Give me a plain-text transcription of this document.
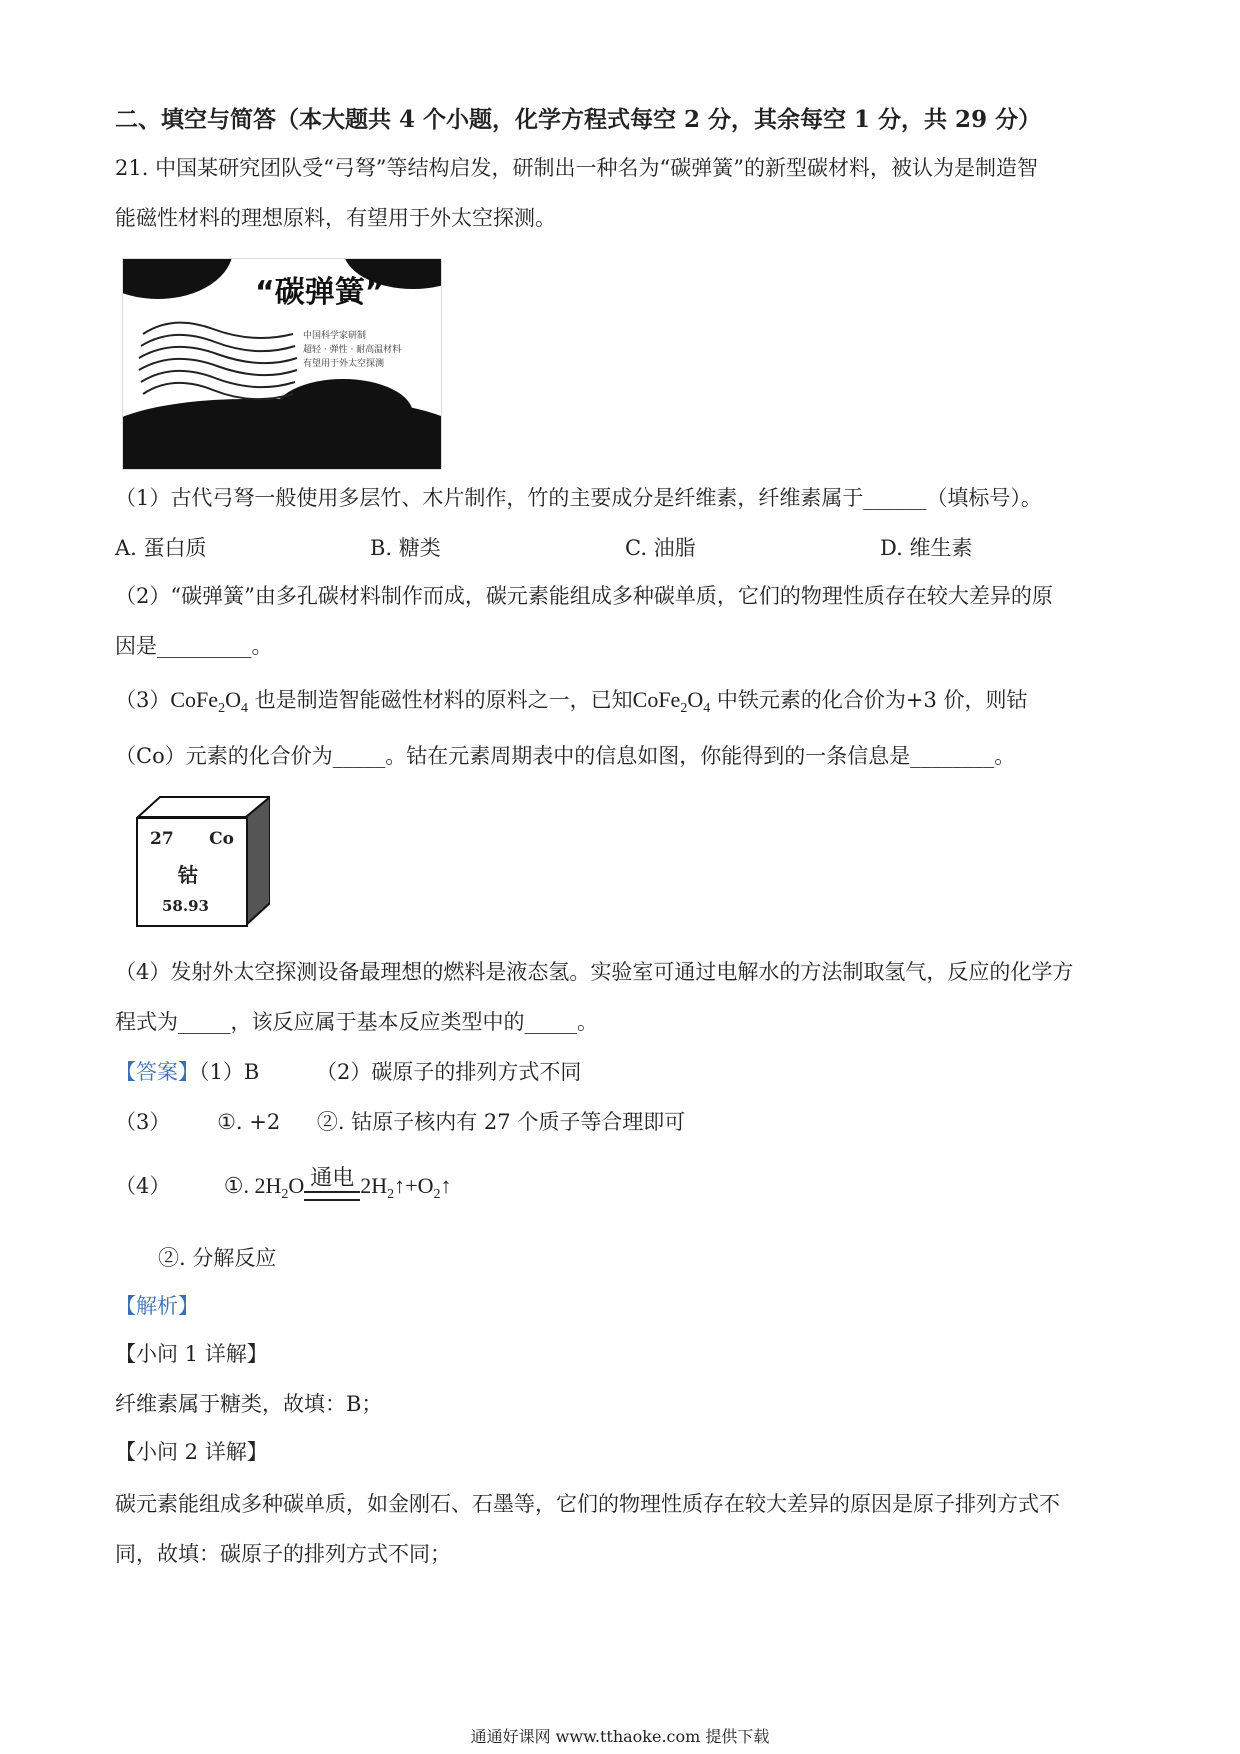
二、填空与简答（本大题共 4 个小题，化学方程式每空 2 分，其余每空 1 分，共 29 分）
21. 中国某研究团队受“弓弩”等结构启发，研制出一种名为“碳弹簧”的新型碳材料，被认为是制造智
能磁性材料的理想原料，有望用于外太空探测。
“碳弹簧”
中国科学家研制
超轻 · 弹性 · 耐高温材料
有望用于外太空探测
（1）古代弓弩一般使用多层竹、木片制作，竹的主要成分是纤维素，纤维素属于______（填标号）。
A. 蛋白质	B. 糖类	C. 油脂	D. 维生素
（2）“碳弹簧”由多孔碳材料制作而成，碳元素能组成多种碳单质，它们的物理性质存在较大差异的原
因是_________。
$(3)CoFe_2O_4$ 也是制造智能磁性材料的原料之一，已知$CoFe_2O_4$ 中铁元素的化合价为+3 价，则钴
（Co）元素的化合价为_____。钴在元素周期表中的信息如图，你能得到的一条信息是________。
27 Co
钴
58.93
（4）发射外太空探测设备最理想的燃料是液态氢。实验室可通过电解水的方法制取氢气，反应的化学方
程式为_____，该反应属于基本反应类型中的_____。
【答案】（1）B	（2）碳原子的排列方式不同
（3） ①. +2 ②. 钴原子核内有 27 个质子等合理即可
（4） ①. $2H_2O$ 通电 $2H_2↑+O_2↑$
②. 分解反应
【解析】
【小问 1 详解】
纤维素属于糖类，故填：B；
【小问 2 详解】
碳元素能组成多种碳单质，如金刚石、石墨等，它们的物理性质存在较大差异的原因是原子排列方式不
同，故填：碳原子的排列方式不同；
通通好课网 www.tthaoke.com 提供下载
